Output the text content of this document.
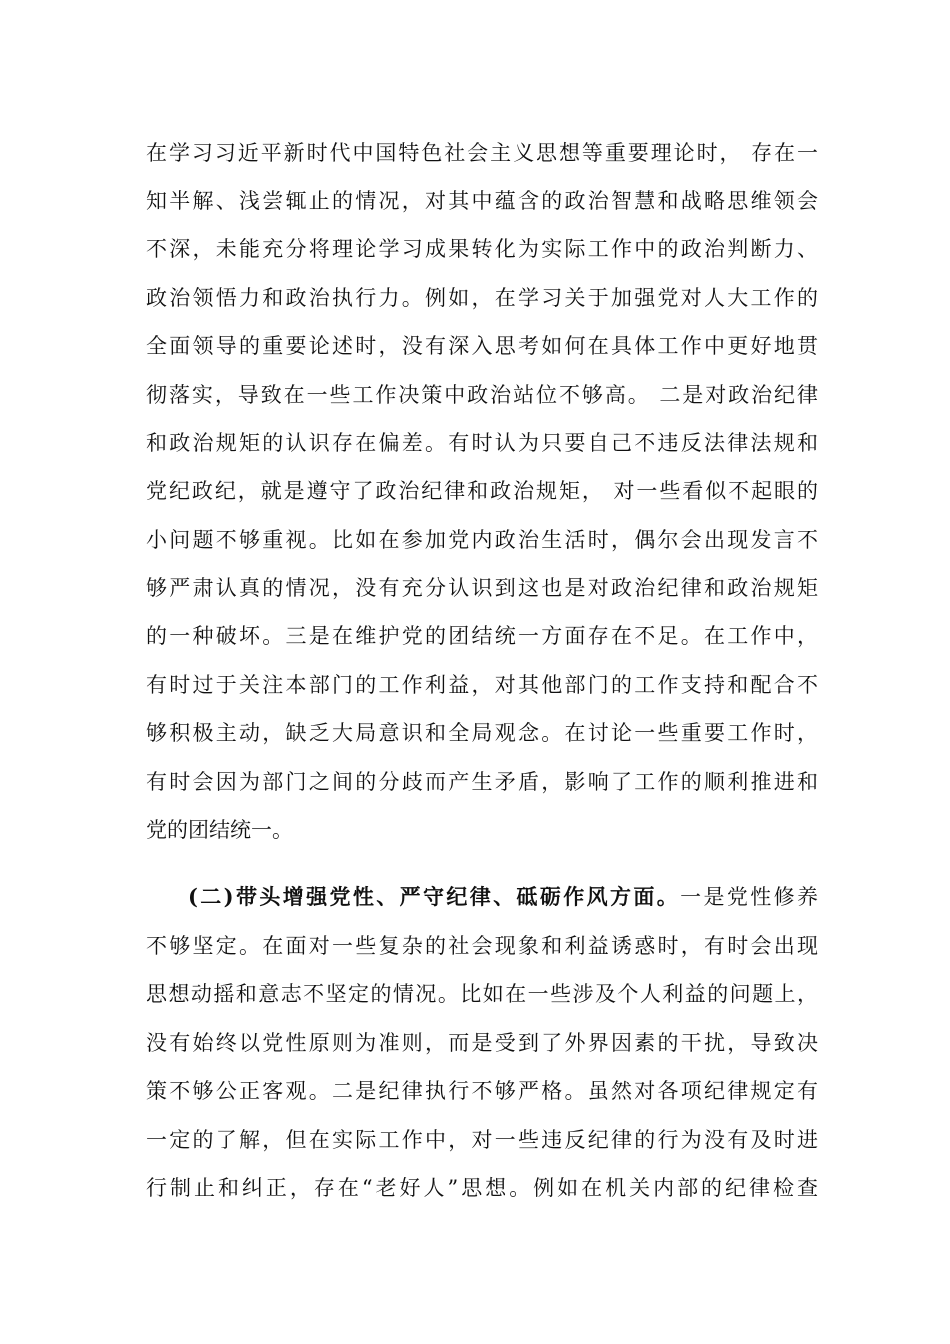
在学习习近平新时代中国特色社会主义思想等重要理论时， 存在一
知半解、浅尝辄止的情况，对其中蕴含的政治智慧和战略思维领会
不深，未能充分将理论学习成果转化为实际工作中的政治判断力、
政治领悟力和政治执行力。例如，在学习关于加强党对人大工作的
全面领导的重要论述时，没有深入思考如何在具体工作中更好地贯
彻落实，导致在一些工作决策中政治站位不够高。 二是对政治纪律
和政治规矩的认识存在偏差。有时认为只要自己不违反法律法规和
党纪政纪，就是遵守了政治纪律和政治规矩， 对一些看似不起眼的
小问题不够重视。比如在参加党内政治生活时，偶尔会出现发言不
够严肃认真的情况，没有充分认识到这也是对政治纪律和政治规矩
的一种破坏。三是在维护党的团结统一方面存在不足。在工作中，
有时过于关注本部门的工作利益，对其他部门的工作支持和配合不
够积极主动，缺乏大局意识和全局观念。在讨论一些重要工作时，
有时会因为部门之间的分歧而产生矛盾，影响了工作的顺利推进和
党的团结统一。
(二)带头增强党性、严守纪律、砥砺作风方面。一是党性修养
不够坚定。在面对一些复杂的社会现象和利益诱惑时，有时会出现
思想动摇和意志不坚定的情况。比如在一些涉及个人利益的问题上，
没有始终以党性原则为准则，而是受到了外界因素的干扰，导致决
策不够公正客观。二是纪律执行不够严格。虽然对各项纪律规定有
一定的了解，但在实际工作中，对一些违反纪律的行为没有及时进
行制止和纠正，存在“老好人”思想。例如在机关内部的纪律检查
